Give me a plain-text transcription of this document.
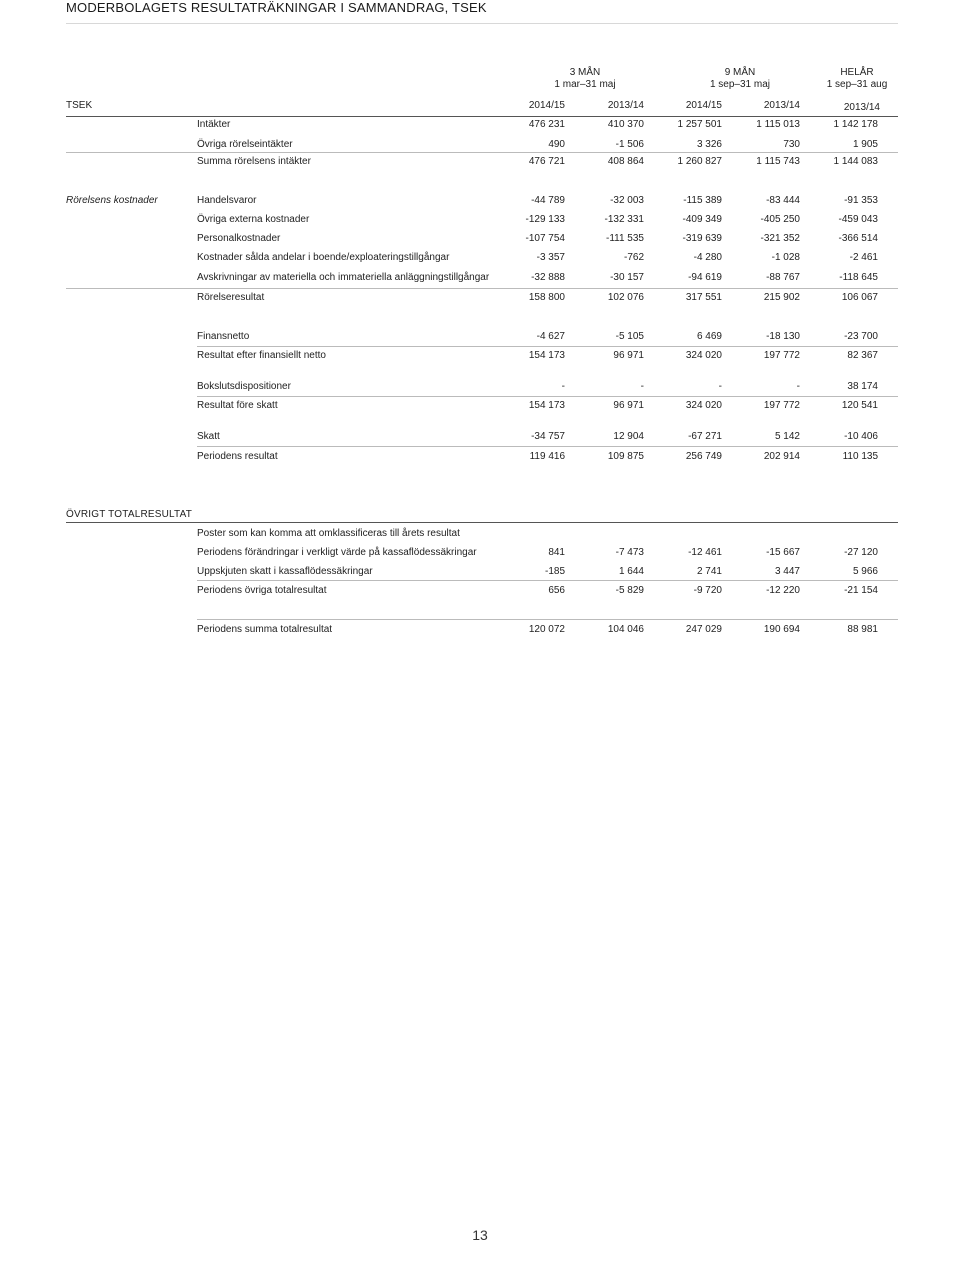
MODERBOLAGETS RESULTATRÄKNINGAR I SAMMANDRAG, TSEK
3 MÅN
1 mar–31 maj
9 MÅN
1 sep–31 maj
HELÅR
1 sep–31 aug
TSEK	2014/15	2013/14	2014/15	2013/14	2013/14
Intäkter	476 231	410 370	1 257 501	1 115 013	1 142 178
Övriga rörelseintäkter	490	-1 506	3 326	730	1 905
Summa rörelsens intäkter	476 721	408 864	1 260 827	1 115 743	1 144 083
Rörelsens kostnader	Handelsvaror	-44 789	-32 003	-115 389	-83 444	-91 353
Övriga externa kostnader	-129 133	-132 331	-409 349	-405 250	-459 043
Personalkostnader	-107 754	-111 535	-319 639	-321 352	-366 514
Kostnader sålda andelar i boende/exploateringstillgångar	-3 357	-762	-4 280	-1 028	-2 461
Avskrivningar av materiella och immateriella anläggningstillgångar	-32 888	-30 157	-94 619	-88 767	-118 645
Rörelseresultat	158 800	102 076	317 551	215 902	106 067
Finansnetto	-4 627	-5 105	6 469	-18 130	-23 700
Resultat efter finansiellt netto	154 173	96 971	324 020	197 772	82 367
Bokslutsdispositioner	-	-	-	-	38 174
Resultat före skatt	154 173	96 971	324 020	197 772	120 541
Skatt	-34 757	12 904	-67 271	5 142	-10 406
Periodens resultat	119 416	109 875	256 749	202 914	110 135
ÖVRIGT TOTALRESULTAT
Poster som kan komma att omklassificeras till årets resultat
Periodens förändringar i verkligt värde på kassaflödessäkringar	841	-7 473	-12 461	-15 667	-27 120
Uppskjuten skatt i kassaflödessäkringar	-185	1 644	2 741	3 447	5 966
Periodens övriga totalresultat	656	-5 829	-9 720	-12 220	-21 154
Periodens summa totalresultat	120 072	104 046	247 029	190 694	88 981
13
